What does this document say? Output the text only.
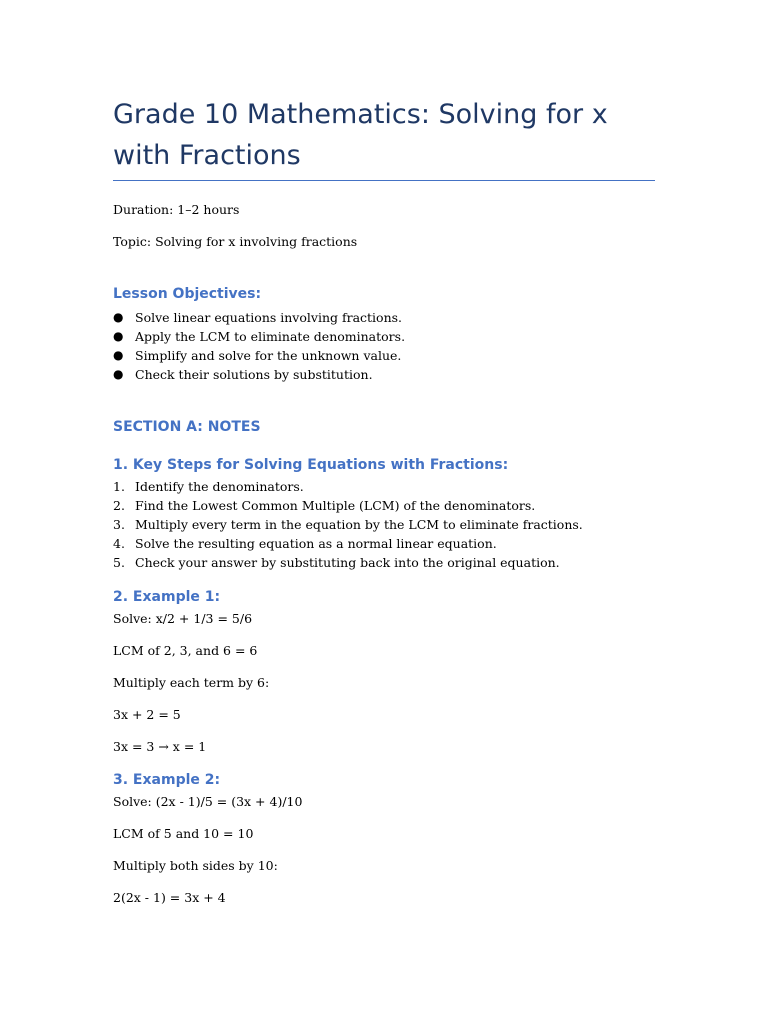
Grade 10 Mathematics: Solving for x with Fractions

Duration: 1–2 hours

Topic: Solving for x involving fractions

Lesson Objectives:
● Solve linear equations involving fractions.
● Apply the LCM to eliminate denominators.
● Simplify and solve for the unknown value.
● Check their solutions by substitution.
SECTION A: NOTES
1. Key Steps for Solving Equations with Fractions:
1. Identify the denominators.
2. Find the Lowest Common Multiple (LCM) of the denominators.
3. Multiply every term in the equation by the LCM to eliminate fractions.
4. Solve the resulting equation as a normal linear equation.
5. Check your answer by substituting back into the original equation.
2. Example 1:

Solve: x/2 + 1/3 = 5/6

LCM of 2, 3, and 6 = 6

Multiply each term by 6:

3x + 2 = 5

3x = 3 → x = 1

3. Example 2:

Solve: (2x - 1)/5 = (3x + 4)/10

LCM of 5 and 10 = 10

Multiply both sides by 10:

2(2x - 1) = 3x + 4
